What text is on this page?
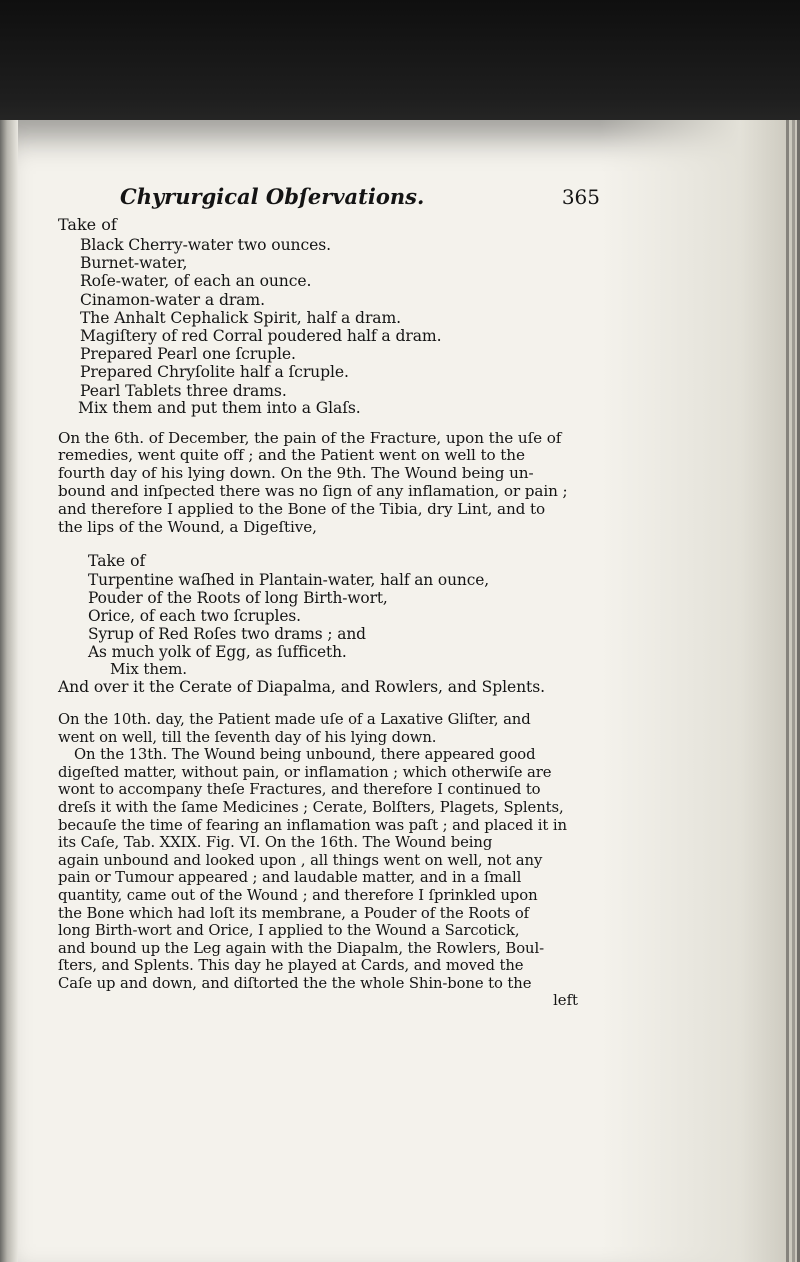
Chyrurgical Obſervations.	365
Take of
Black Cherry-water two ounces.
Burnet-water,
Roſe-water, of each an ounce.
Cinamon-water a dram.
The Anhalt Cephalick Spirit, half a dram.
Magiſtery of red Corral poudered half a dram.
Prepared Pearl one ſcruple.
Prepared Chryſolite half a ſcruple.
Pearl Tablets three drams.
Mix them and put them into a Glaſs.
On the 6th. of December, the pain of the Fracture, upon the uſe of
remedies, went quite off ; and the Patient went on well to the
fourth day of his lying down. On the 9th. The Wound being un-
bound and inſpected there was no ſign of any inflamation, or pain ;
and therefore I applied to the Bone of the Tibia, dry Lint, and to
the lips of the Wound, a Digeſtive,
Take of
Turpentine waſhed in Plantain-water, half an ounce,
Pouder of the Roots of long Birth-wort,
Orice, of each two ſcruples.
Syrup of Red Roſes two drams ; and
As much yolk of Egg, as ſufficeth.
Mix them.
And over it the Cerate of Diapalma, and Rowlers, and Splents.
On the 10th. day, the Patient made uſe of a Laxative Gliſter, and
went on well, till the ſeventh day of his lying down.
On the 13th. The Wound being unbound, there appeared good
digeſted matter, without pain, or inflamation ; which otherwiſe are
wont to accompany theſe Fractures, and therefore I continued to
dreſs it with the ſame Medicines ; Cerate, Bolſters, Plagets, Splents,
becauſe the time of fearing an inflamation was paſt ; and placed it in
its Caſe, Tab. XXIX. Fig. VI. On the 16th. The Wound being
again unbound and looked upon , all things went on well, not any
pain or Tumour appeared ; and laudable matter, and in a ſmall
quantity, came out of the Wound ; and therefore I ſprinkled upon
the Bone which had loſt its membrane, a Pouder of the Roots of
long Birth-wort and Orice, I applied to the Wound a Sarcotick,
and bound up the Leg again with the Diapalm, the Rowlers, Boul-
ſters, and Splents. This day he played at Cards, and moved the
Caſe up and down, and diſtorted the the whole Shin-bone to the
left
